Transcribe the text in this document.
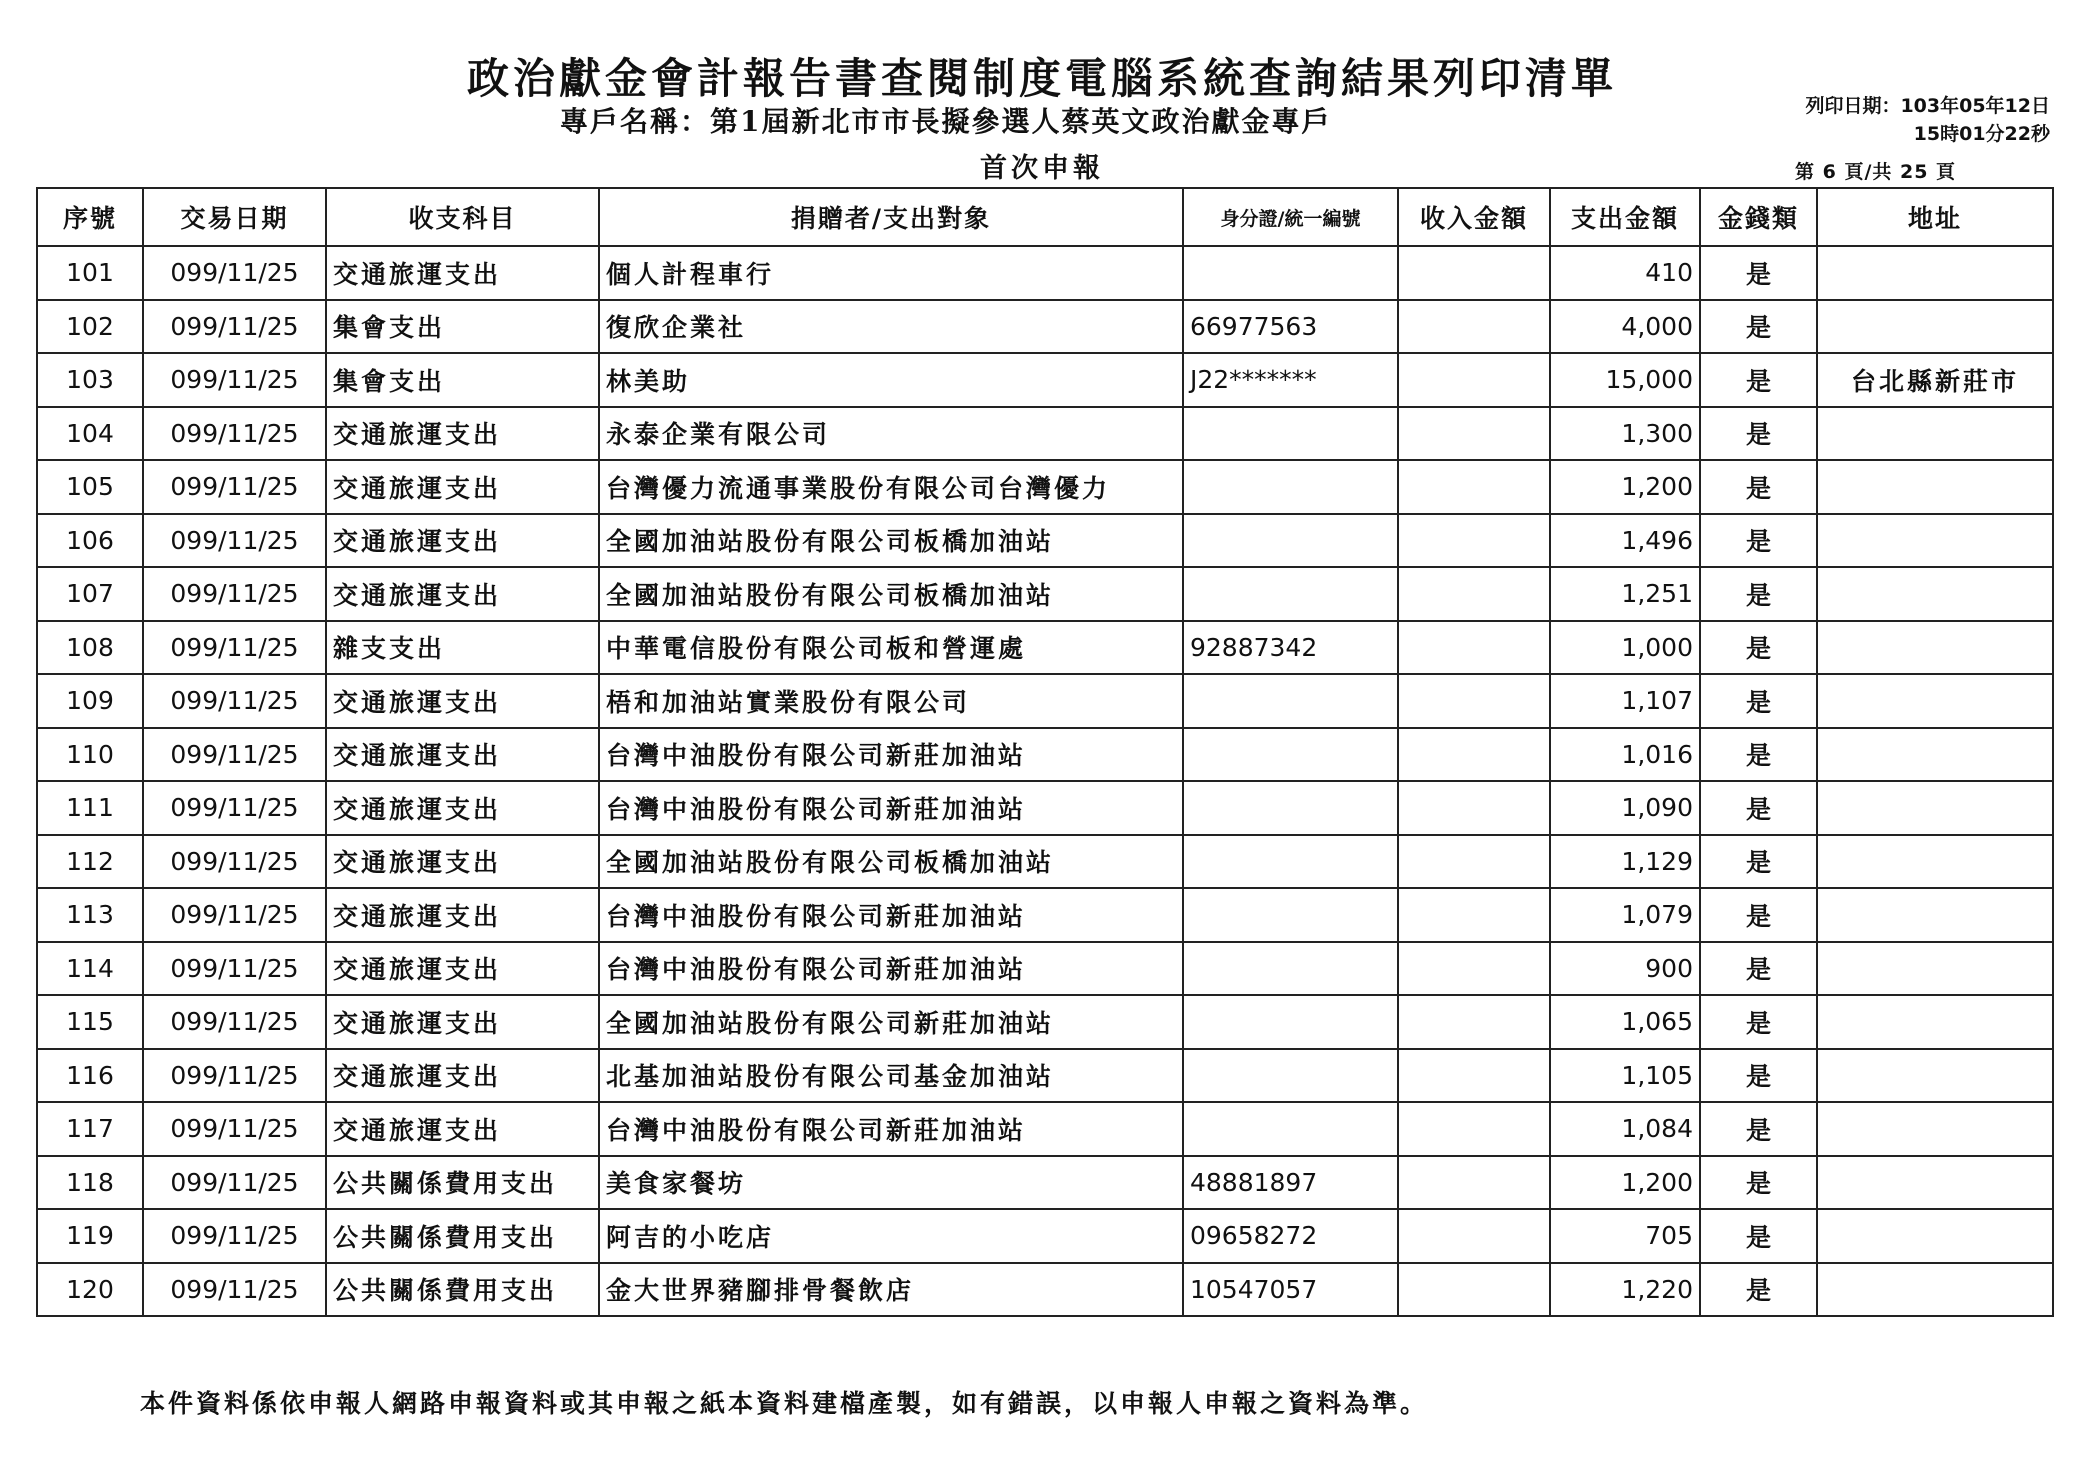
政治獻金會計報告書查閱制度電腦系統查詢結果列印清單
專戶名稱：第1屆新北市市長擬參選人蔡英文政治獻金專戶	列印日期：103年05年12日
15時01分22秒
首次申報	第 6 頁/共 25 頁
序號	交易日期	收支科目	捐贈者/支出對象	身分證/統一編號	收入金額	支出金額	金錢類	地址
101	099/11/25	交通旅運支出	個人計程車行			410	是	
102	099/11/25	集會支出	復欣企業社	66977563		4,000	是	
103	099/11/25	集會支出	林美助	J22*******		15,000	是	台北縣新莊市
104	099/11/25	交通旅運支出	永泰企業有限公司			1,300	是	
105	099/11/25	交通旅運支出	台灣優力流通事業股份有限公司台灣優力			1,200	是	
106	099/11/25	交通旅運支出	全國加油站股份有限公司板橋加油站			1,496	是	
107	099/11/25	交通旅運支出	全國加油站股份有限公司板橋加油站			1,251	是	
108	099/11/25	雜支支出	中華電信股份有限公司板和營運處	92887342		1,000	是	
109	099/11/25	交通旅運支出	梧和加油站實業股份有限公司			1,107	是	
110	099/11/25	交通旅運支出	台灣中油股份有限公司新莊加油站			1,016	是	
111	099/11/25	交通旅運支出	台灣中油股份有限公司新莊加油站			1,090	是	
112	099/11/25	交通旅運支出	全國加油站股份有限公司板橋加油站			1,129	是	
113	099/11/25	交通旅運支出	台灣中油股份有限公司新莊加油站			1,079	是	
114	099/11/25	交通旅運支出	台灣中油股份有限公司新莊加油站			900	是	
115	099/11/25	交通旅運支出	全國加油站股份有限公司新莊加油站			1,065	是	
116	099/11/25	交通旅運支出	北基加油站股份有限公司基金加油站			1,105	是	
117	099/11/25	交通旅運支出	台灣中油股份有限公司新莊加油站			1,084	是	
118	099/11/25	公共關係費用支出	美食家餐坊	48881897		1,200	是	
119	099/11/25	公共關係費用支出	阿吉的小吃店	09658272		705	是	
120	099/11/25	公共關係費用支出	金大世界豬腳排骨餐飲店	10547057		1,220	是	
本件資料係依申報人網路申報資料或其申報之紙本資料建檔產製，如有錯誤，以申報人申報之資料為準。
